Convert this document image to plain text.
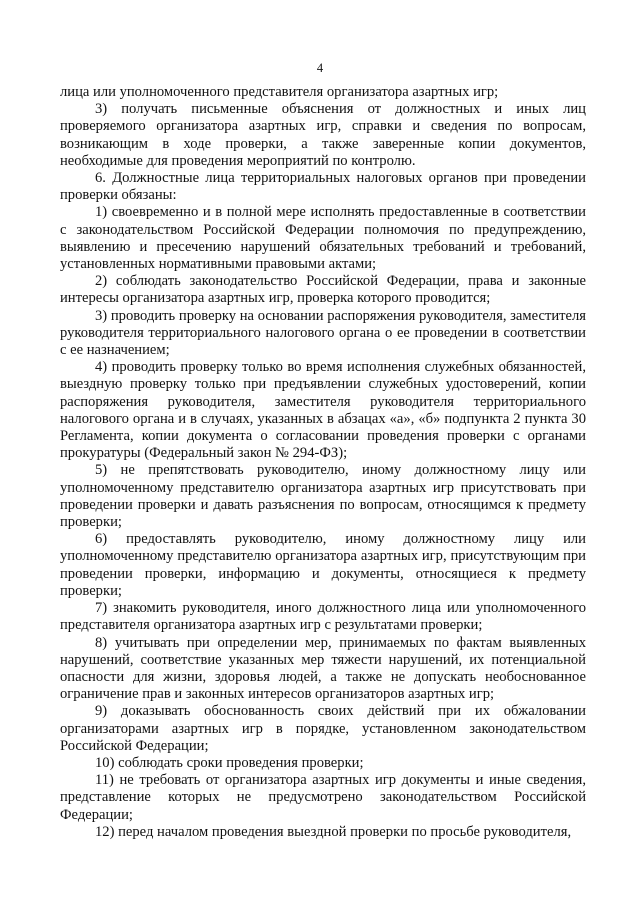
4

лица или уполномоченного представителя организатора азартных игр;

3) получать письменные объяснения от должностных и иных лиц проверяемого организатора азартных игр, справки и сведения по вопросам, возникающим в ходе проверки, а также заверенные копии документов, необходимые для проведения мероприятий по контролю.

6. Должностные лица территориальных налоговых органов при проведении проверки обязаны:

1) своевременно и в полной мере исполнять предоставленные в соответствии с законодательством Российской Федерации полномочия по предупреждению, выявлению и пресечению нарушений обязательных требований и требований, установленных нормативными правовыми актами;

2) соблюдать законодательство Российской Федерации, права и законные интересы организатора азартных игр, проверка которого проводится;

3) проводить проверку на основании распоряжения руководителя, заместителя руководителя территориального налогового органа о ее проведении в соответствии с ее назначением;

4) проводить проверку только во время исполнения служебных обязанностей, выездную проверку только при предъявлении служебных удостоверений, копии распоряжения руководителя, заместителя руководителя территориального налогового органа и в случаях, указанных в абзацах «а», «б» подпункта 2 пункта 30 Регламента, копии документа о согласовании проведения проверки с органами прокуратуры (Федеральный закон № 294-ФЗ);

5) не препятствовать руководителю, иному должностному лицу или уполномоченному представителю организатора азартных игр присутствовать при проведении проверки и давать разъяснения по вопросам, относящимся к предмету проверки;

6) предоставлять руководителю, иному должностному лицу или уполномоченному представителю организатора азартных игр, присутствующим при проведении проверки, информацию и документы, относящиеся к предмету проверки;

7) знакомить руководителя, иного должностного лица или уполномоченного представителя организатора азартных игр с результатами проверки;

8) учитывать при определении мер, принимаемых по фактам выявленных нарушений, соответствие указанных мер тяжести нарушений, их потенциальной опасности для жизни, здоровья людей, а также не допускать необоснованное ограничение прав и законных интересов организаторов азартных игр;

9) доказывать обоснованность своих действий при их обжаловании организаторами азартных игр в порядке, установленном законодательством Российской Федерации;

10) соблюдать сроки проведения проверки;

11) не требовать от организатора азартных игр документы и иные сведения, представление которых не предусмотрено законодательством Российской Федерации;

12) перед началом проведения выездной проверки по просьбе руководителя,
